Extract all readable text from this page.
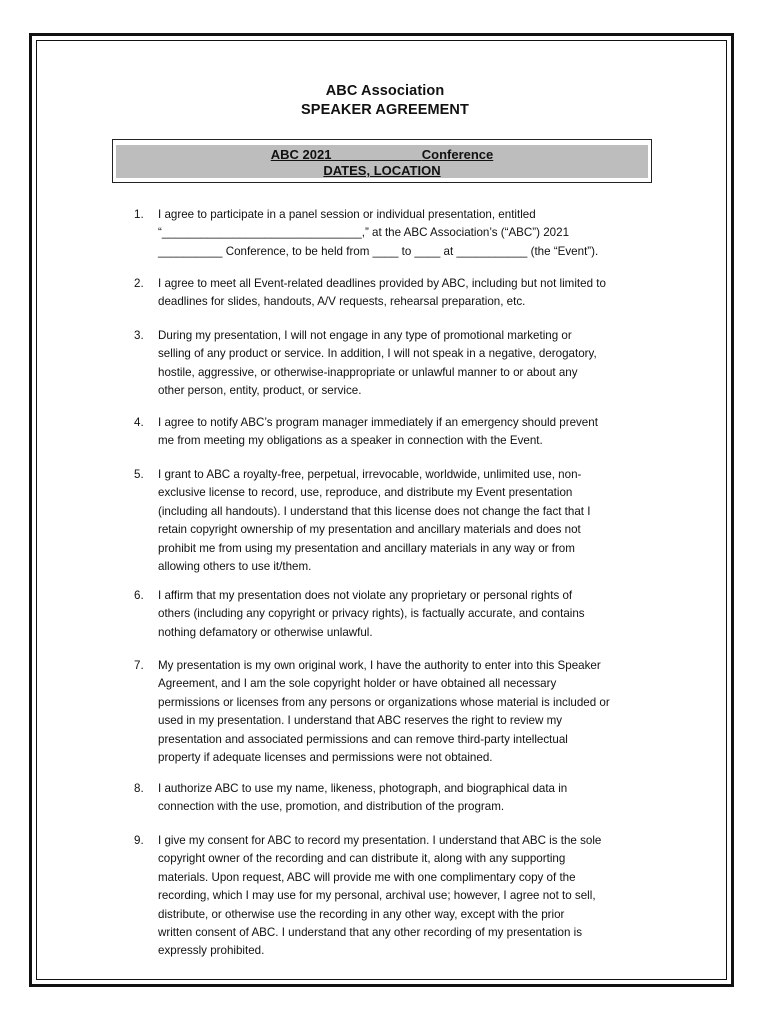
ABC Association
SPEAKER AGREEMENT
ABC 2021	Conference
DATES, LOCATION
1.	I agree to participate in a panel session or individual presentation, entitled
“_______________________________,” at the ABC Association’s (“ABC”) 2021
__________ Conference, to be held from ____ to ____ at ___________ (the “Event”).
2.	I agree to meet all Event-related deadlines provided by ABC, including but not limited to
deadlines for slides, handouts, A/V requests, rehearsal preparation, etc.
3.	During my presentation, I will not engage in any type of promotional marketing or
selling of any product or service. In addition, I will not speak in a negative, derogatory,
hostile, aggressive, or otherwise-inappropriate or unlawful manner to or about any
other person, entity, product, or service.
4.	I agree to notify ABC’s program manager immediately if an emergency should prevent
me from meeting my obligations as a speaker in connection with the Event.
5.	I grant to ABC a royalty-free, perpetual, irrevocable, worldwide, unlimited use, non-
exclusive license to record, use, reproduce, and distribute my Event presentation
(including all handouts). I understand that this license does not change the fact that I
retain copyright ownership of my presentation and ancillary materials and does not
prohibit me from using my presentation and ancillary materials in any way or from
allowing others to use it/them.
6.	I affirm that my presentation does not violate any proprietary or personal rights of
others (including any copyright or privacy rights), is factually accurate, and contains
nothing defamatory or otherwise unlawful.
7.	My presentation is my own original work, I have the authority to enter into this Speaker
Agreement, and I am the sole copyright holder or have obtained all necessary
permissions or licenses from any persons or organizations whose material is included or
used in my presentation. I understand that ABC reserves the right to review my
presentation and associated permissions and can remove third-party intellectual
property if adequate licenses and permissions were not obtained.
8.	I authorize ABC to use my name, likeness, photograph, and biographical data in
connection with the use, promotion, and distribution of the program.
9.	I give my consent for ABC to record my presentation. I understand that ABC is the sole
copyright owner of the recording and can distribute it, along with any supporting
materials. Upon request, ABC will provide me with one complimentary copy of the
recording, which I may use for my personal, archival use; however, I agree not to sell,
distribute, or otherwise use the recording in any other way, except with the prior
written consent of ABC. I understand that any other recording of my presentation is
expressly prohibited.
